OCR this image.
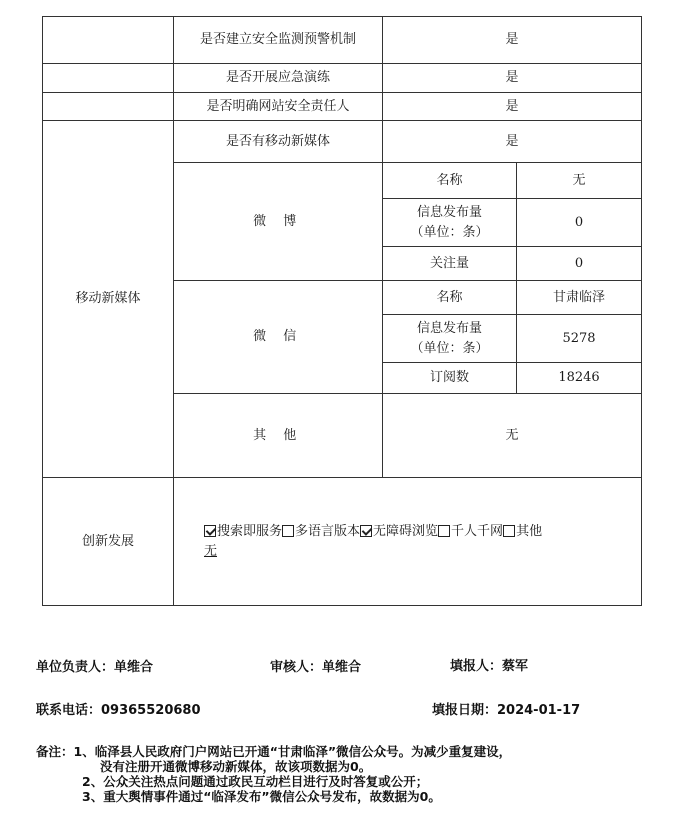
	是否建立安全监测预警机制	是	
	是否开展应急演练	是	
	是否明确网站安全责任人	是	
移动新媒体	是否有移动新媒体	是	
	微 博	名称	无
		信息发布量（单位：条）	0
		关注量	0
	微 信	名称	甘肃临泽
		信息发布量（单位：条）	5278
		订阅数	18246
	其 他	无	
创新发展	搜索即服务 多语言版本 无障碍浏览 千人千网 其他
无		
单位负责人：单维合	审核人：单维合	填报人：蔡军
联系电话：09365520680	填报日期：2024-01-17
备注：1、临泽县人民政府门户网站已开通“甘肃临泽”微信公众号。为减少重复建设，
没有注册开通微博移动新媒体，故该项数据为0。
2、公众关注热点问题通过政民互动栏目进行及时答复或公开；
3、重大舆情事件通过“临泽发布”微信公众号发布，故数据为0。
